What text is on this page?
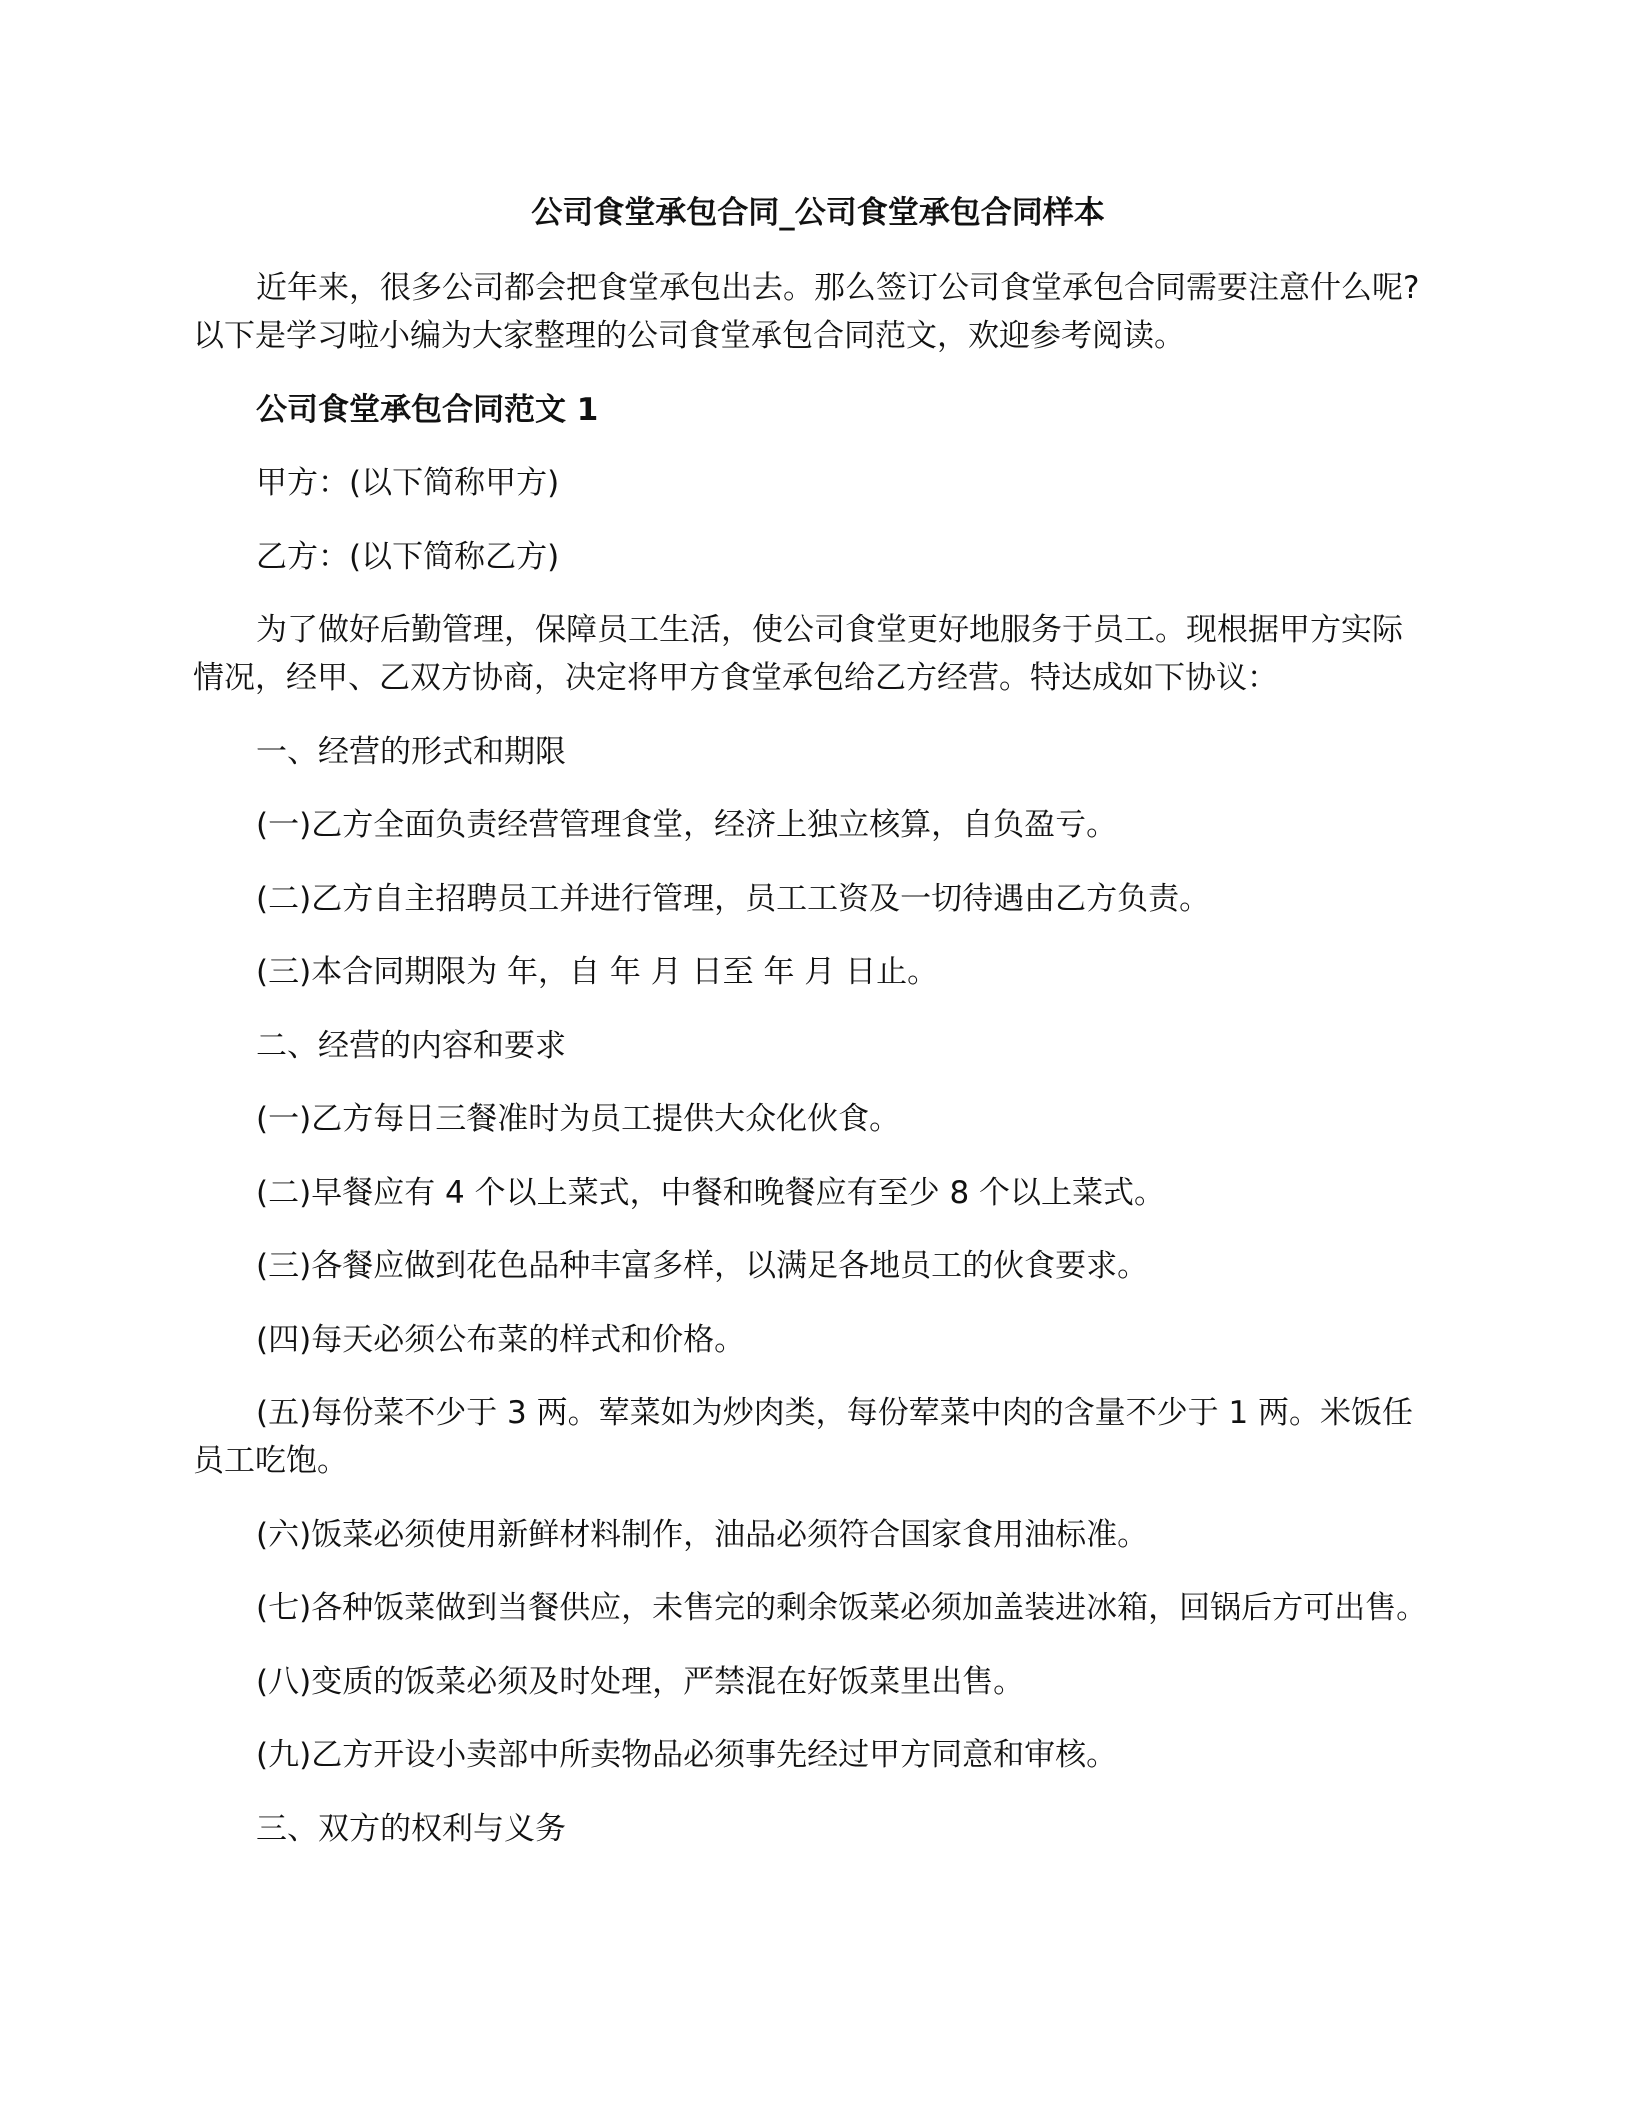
公司食堂承包合同_公司食堂承包合同样本
近年来，很多公司都会把食堂承包出去。那么签订公司食堂承包合同需要注意什么呢?
以下是学习啦小编为大家整理的公司食堂承包合同范文，欢迎参考阅读。
公司食堂承包合同范文 1
甲方：(以下简称甲方)
乙方：(以下简称乙方)
为了做好后勤管理，保障员工生活，使公司食堂更好地服务于员工。现根据甲方实际
情况，经甲、乙双方协商，决定将甲方食堂承包给乙方经营。特达成如下协议：
一、经营的形式和期限
(一)乙方全面负责经营管理食堂，经济上独立核算，自负盈亏。
(二)乙方自主招聘员工并进行管理，员工工资及一切待遇由乙方负责。
(三)本合同期限为 年，自 年 月 日至 年 月 日止。
二、经营的内容和要求
(一)乙方每日三餐准时为员工提供大众化伙食。
(二)早餐应有 4 个以上菜式，中餐和晚餐应有至少 8 个以上菜式。
(三)各餐应做到花色品种丰富多样，以满足各地员工的伙食要求。
(四)每天必须公布菜的样式和价格。
(五)每份菜不少于 3 两。荤菜如为炒肉类，每份荤菜中肉的含量不少于 1 两。米饭任
员工吃饱。
(六)饭菜必须使用新鲜材料制作，油品必须符合国家食用油标准。
(七)各种饭菜做到当餐供应，未售完的剩余饭菜必须加盖装进冰箱，回锅后方可出售。
(八)变质的饭菜必须及时处理，严禁混在好饭菜里出售。
(九)乙方开设小卖部中所卖物品必须事先经过甲方同意和审核。
三、双方的权利与义务
